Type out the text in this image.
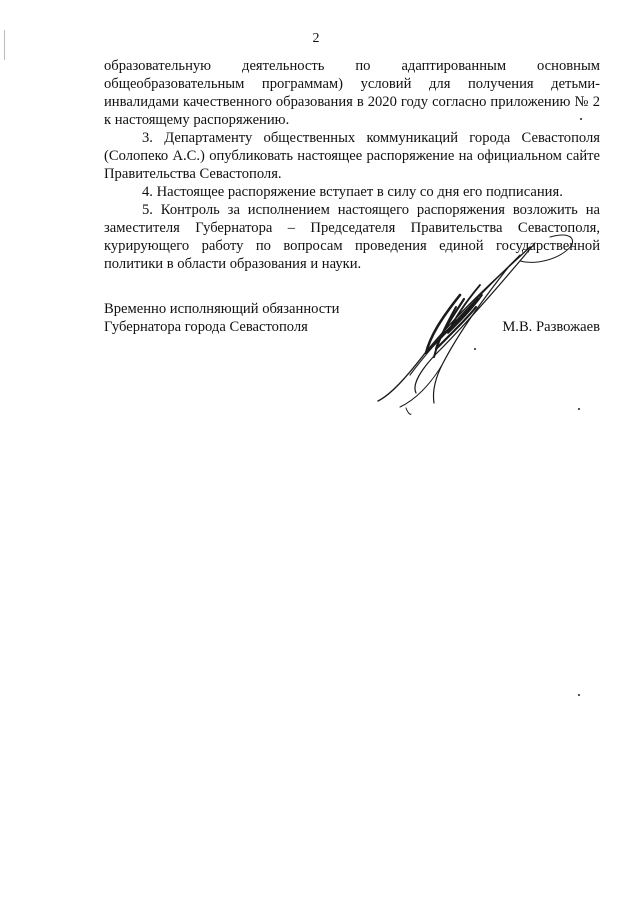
2

образовательную деятельность по адаптированным основным общеобразовательным программам) условий для получения детьми-инвалидами качественного образования в 2020 году согласно приложению № 2 к настоящему распоряжению.

3. Департаменту общественных коммуникаций города Севастополя (Солопеко А.С.) опубликовать настоящее распоряжение на официальном сайте Правительства Севастополя.

4. Настоящее распоряжение вступает в силу со дня его подписания.

5. Контроль за исполнением настоящего распоряжения возложить на заместителя Губернатора – Председателя Правительства Севастополя, курирующего работу по вопросам проведения единой государственной политики в области образования и науки.

Временно исполняющий обязанности
Губернатора города Севастополя	М.В. Развожаев
